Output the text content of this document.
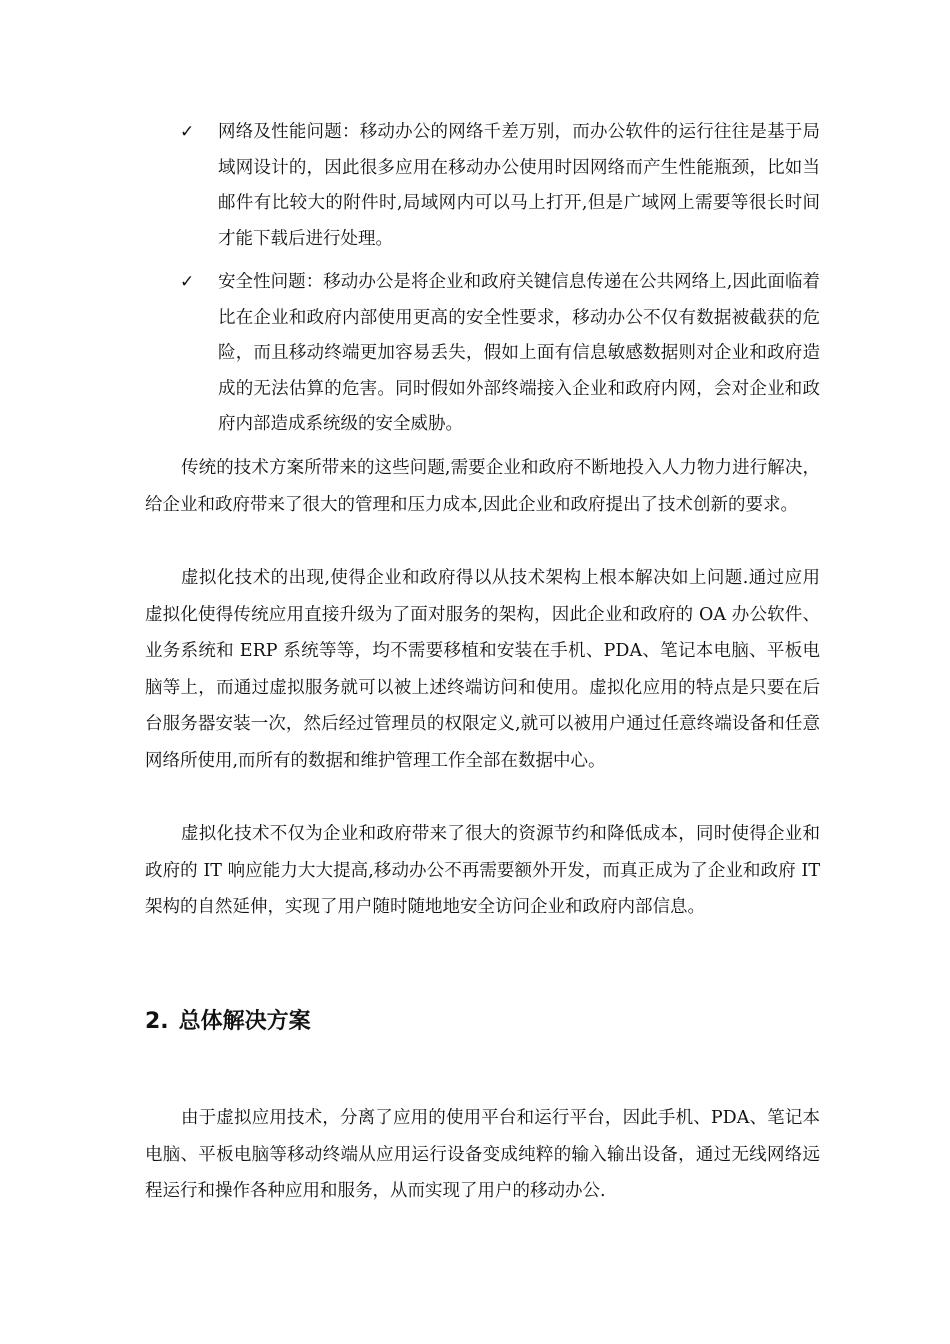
✓ 网络及性能问题：移动办公的网络千差万别，而办公软件的运行往往是基于局域网设计的，因此很多应用在移动办公使用时因网络而产生性能瓶颈，比如当邮件有比较大的附件时,局域网内可以马上打开,但是广域网上需要等很长时间才能下载后进行处理。
✓ 安全性问题：移动办公是将企业和政府关键信息传递在公共网络上,因此面临着比在企业和政府内部使用更高的安全性要求，移动办公不仅有数据被截获的危险，而且移动终端更加容易丢失，假如上面有信息敏感数据则对企业和政府造成的无法估算的危害。同时假如外部终端接入企业和政府内网，会对企业和政府内部造成系统级的安全威胁。

传统的技术方案所带来的这些问题,需要企业和政府不断地投入人力物力进行解决，给企业和政府带来了很大的管理和压力成本,因此企业和政府提出了技术创新的要求。

虚拟化技术的出现,使得企业和政府得以从技术架构上根本解决如上问题.通过应用虚拟化使得传统应用直接升级为了面对服务的架构，因此企业和政府的 OA 办公软件、业务系统和 ERP 系统等等，均不需要移植和安装在手机、PDA、笔记本电脑、平板电脑等上，而通过虚拟服务就可以被上述终端访问和使用。虚拟化应用的特点是只要在后台服务器安装一次，然后经过管理员的权限定义,就可以被用户通过任意终端设备和任意网络所使用,而所有的数据和维护管理工作全部在数据中心。

虚拟化技术不仅为企业和政府带来了很大的资源节约和降低成本，同时使得企业和政府的 IT 响应能力大大提高,移动办公不再需要额外开发，而真正成为了企业和政府 IT 架构的自然延伸，实现了用户随时随地地安全访问企业和政府内部信息。

2. 总体解决方案

由于虚拟应用技术，分离了应用的使用平台和运行平台，因此手机、PDA、笔记本电脑、平板电脑等移动终端从应用运行设备变成纯粹的输入输出设备，通过无线网络远程运行和操作各种应用和服务，从而实现了用户的移动办公.
